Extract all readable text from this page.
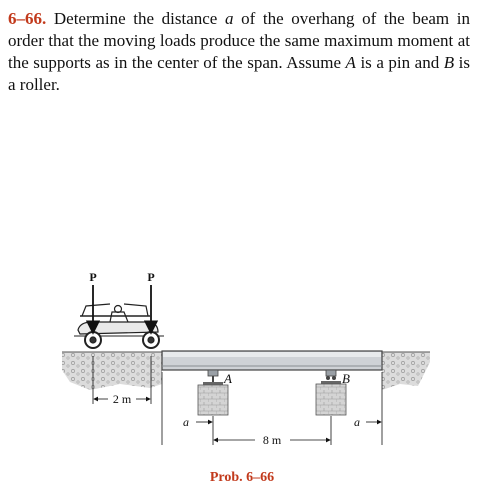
6–66. Determine the distance a of the overhang of the beam in order that the moving loads produce the same maximum moment at the supports as in the center of the span. Assume A is a pin and B is a roller.
A	B
P	P
2 m
a	a
8 m
Prob. 6–66
